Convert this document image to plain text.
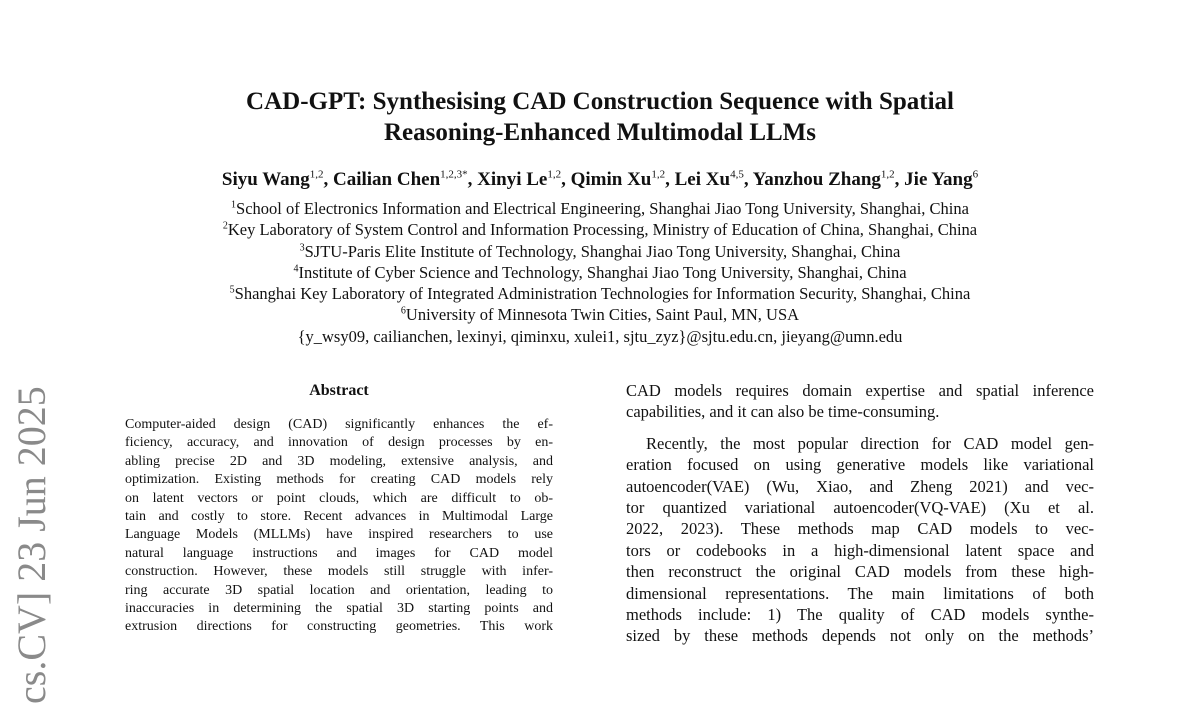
cs.CV] 23 Jun 2025
CAD-GPT: Synthesising CAD Construction Sequence with Spatial
Reasoning-Enhanced Multimodal LLMs
Siyu Wang$^{1,2}$, Cailian Chen$^{1,2,3*}$, Xinyi Le$^{1,2}$, Qimin Xu$^{1,2}$, Lei Xu$^{4,5}$, Yanzhou Zhang$^{1,2}$, Jie Yang$^6$
$^1$School of Electronics Information and Electrical Engineering, Shanghai Jiao Tong University, Shanghai, China
$^2$Key Laboratory of System Control and Information Processing, Ministry of Education of China, Shanghai, China
$^3$SJTU-Paris Elite Institute of Technology, Shanghai Jiao Tong University, Shanghai, China
$^4$Institute of Cyber Science and Technology, Shanghai Jiao Tong University, Shanghai, China
$^5$Shanghai Key Laboratory of Integrated Administration Technologies for Information Security, Shanghai, China
$^6$University of Minnesota Twin Cities, Saint Paul, MN, USA
{y_wsy09, cailianchen, lexinyi, qiminxu, xulei1, sjtu_zyz}@sjtu.edu.cn, jieyang@umn.edu
Abstract
Computer-aided design (CAD) significantly enhances the ef-
ficiency, accuracy, and innovation of design processes by en-
abling precise 2D and 3D modeling, extensive analysis, and
optimization. Existing methods for creating CAD models rely
on latent vectors or point clouds, which are difficult to ob-
tain and costly to store. Recent advances in Multimodal Large
Language Models (MLLMs) have inspired researchers to use
natural language instructions and images for CAD model
construction. However, these models still struggle with infer-
ring accurate 3D spatial location and orientation, leading to
inaccuracies in determining the spatial 3D starting points and
extrusion directions for constructing geometries. This work
CAD models requires domain expertise and spatial inference
capabilities, and it can also be time-consuming.
Recently, the most popular direction for CAD model gen-
eration focused on using generative models like variational
autoencoder(VAE) (Wu, Xiao, and Zheng 2021) and vec-
tor quantized variational autoencoder(VQ-VAE) (Xu et al.
2022, 2023). These methods map CAD models to vec-
tors or codebooks in a high-dimensional latent space and
then reconstruct the original CAD models from these high-
dimensional representations. The main limitations of both
methods include: 1) The quality of CAD models synthe-
sized by these methods depends not only on the methods’
